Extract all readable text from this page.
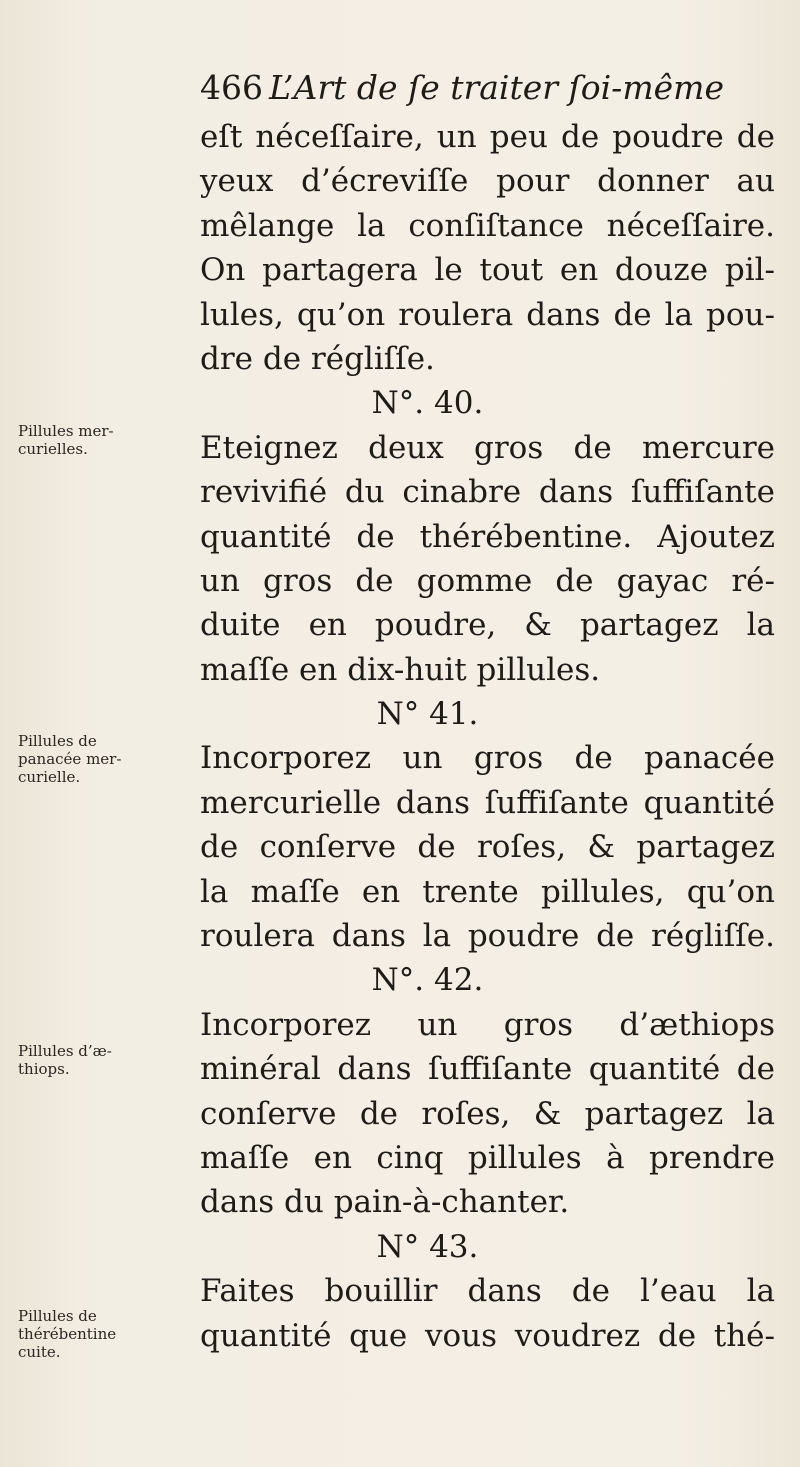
466 L’Art de ſe traiter ſoi-même
eſt néceſſaire, un peu de poudre de
yeux d’écreviſſe pour donner au
mêlange la conſiſtance néceſſaire.
On partagera le tout en douze pil-
lules, qu’on roulera dans de la pou-
dre de régliſſe.
N°. 40.
Eteignez deux gros de mercure
revivifié du cinabre dans ſuffiſante
quantité de thérébentine. Ajoutez
un gros de gomme de gayac ré-
duite en poudre, & partagez la
maſſe en dix-huit pillules.
N° 41.
Incorporez un gros de panacée
mercurielle dans ſuffiſante quantité
de conſerve de roſes, & partagez
la maſſe en trente pillules, qu’on
roulera dans la poudre de régliſſe.
N°. 42.
Incorporez un gros d’æthiops
minéral dans ſuffiſante quantité de
conſerve de roſes, & partagez la
maſſe en cinq pillules à prendre
dans du pain-à-chanter.
N° 43.
Faites bouillir dans de l’eau la
quantité que vous voudrez de thé-
Pillules mer-curielles.
Pillules de panacée mer-curielle.
Pillules d’æ-thiops.
Pillules de thérébentine cuite.
